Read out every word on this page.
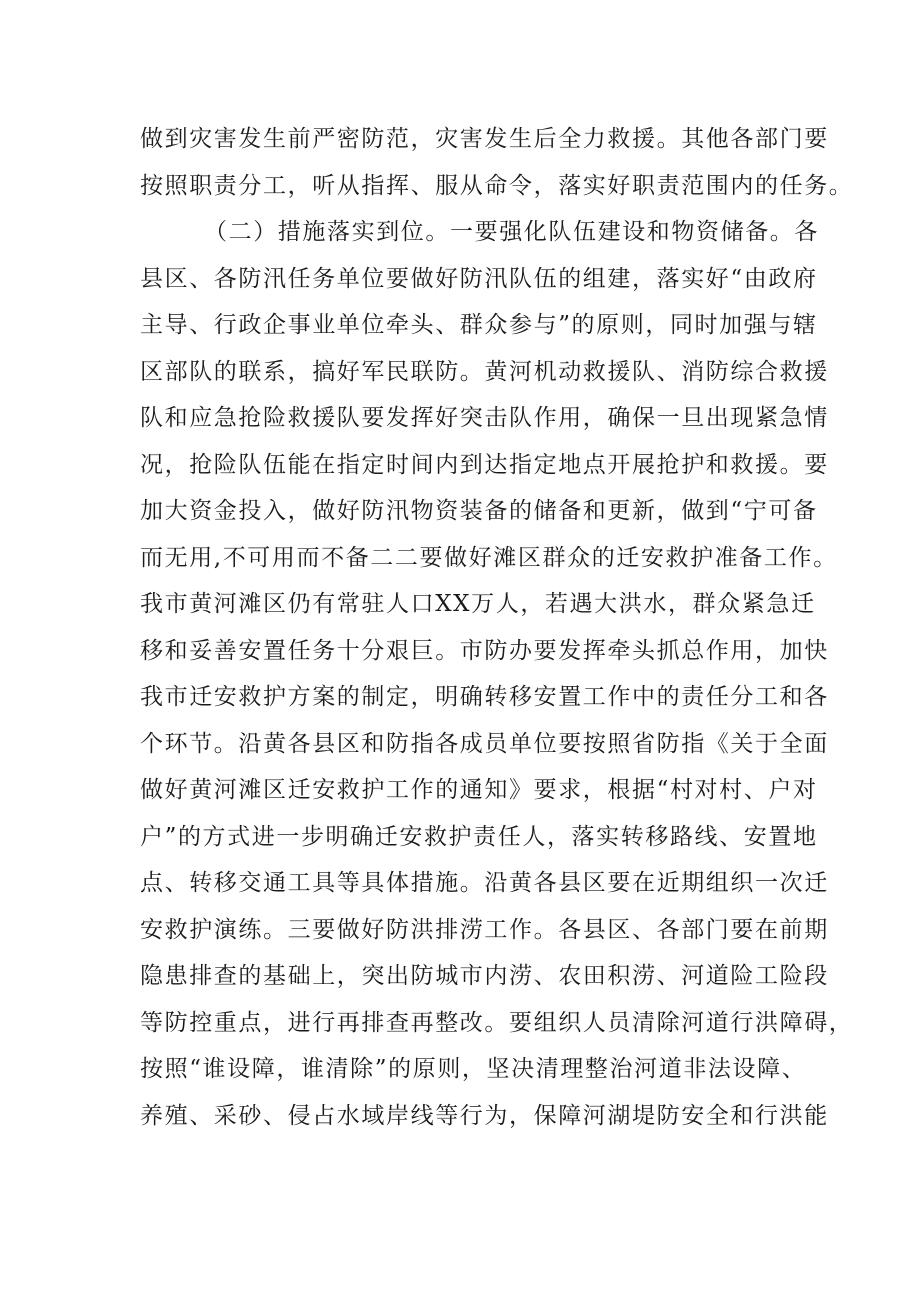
做到灾害发生前严密防范，灾害发生后全力救援。其他各部门要
按照职责分工，听从指挥、服从命令，落实好职责范围内的任务。
（二）措施落实到位。一要强化队伍建设和物资储备。各
县区、各防汛任务单位要做好防汛队伍的组建，落实好“由政府
主导、行政企事业单位牵头、群众参与”的原则，同时加强与辖
区部队的联系，搞好军民联防。黄河机动救援队、消防综合救援
队和应急抢险救援队要发挥好突击队作用，确保一旦出现紧急情
况，抢险队伍能在指定时间内到达指定地点开展抢护和救援。要
加大资金投入，做好防汛物资装备的储备和更新，做到“宁可备
而无用,不可用而不备二二要做好滩区群众的迁安救护准备工作。
我市黄河滩区仍有常驻人口XX万人，若遇大洪水，群众紧急迁
移和妥善安置任务十分艰巨。市防办要发挥牵头抓总作用，加快
我市迁安救护方案的制定，明确转移安置工作中的责任分工和各
个环节。沿黄各县区和防指各成员单位要按照省防指《关于全面
做好黄河滩区迁安救护工作的通知》要求，根据“村对村、户对
户”的方式进一步明确迁安救护责任人，落实转移路线、安置地
点、转移交通工具等具体措施。沿黄各县区要在近期组织一次迁
安救护演练。三要做好防洪排涝工作。各县区、各部门要在前期
隐患排查的基础上，突出防城市内涝、农田积涝、河道险工险段
等防控重点，进行再排查再整改。要组织人员清除河道行洪障碍，
按照“谁设障，谁清除”的原则，坚决清理整治河道非法设障、
养殖、采砂、侵占水域岸线等行为，保障河湖堤防安全和行洪能
